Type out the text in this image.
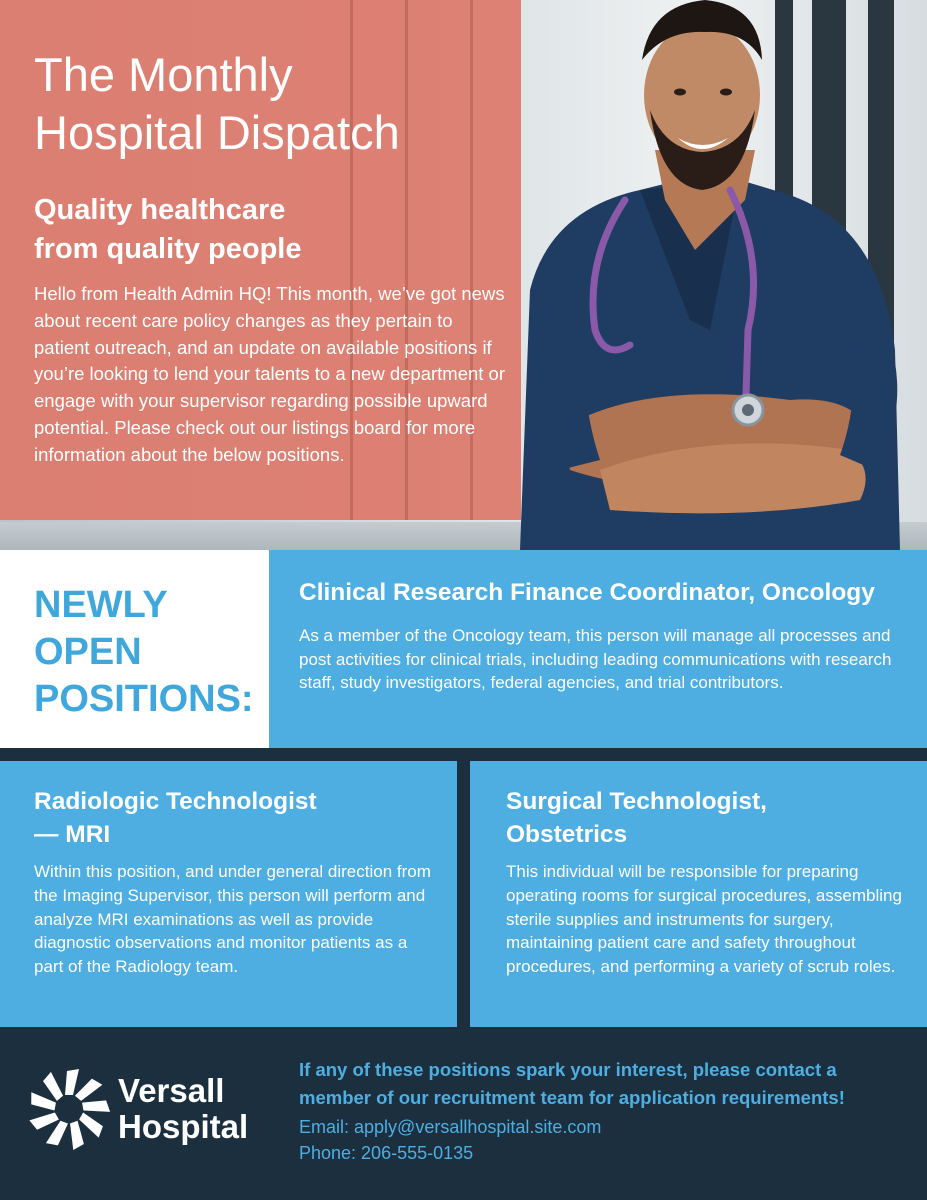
The Monthly
Hospital Dispatch
Quality healthcare
from quality people

Hello from Health Admin HQ! This month, we’ve got news about recent care policy changes as they pertain to patient outreach, and an update on available positions if you’re looking to lend your talents to a new department or engage with your supervisor regarding possible upward potential. Please check out our listings board for more information about the below positions.

NEWLY
OPEN
POSITIONS:
Clinical Research Finance Coordinator, Oncology

As a member of the Oncology team, this person will manage all processes and post activities for clinical trials, including leading communications with research staff, study investigators, federal agencies, and trial contributors.

Radiologic Technologist
— MRI

Within this position, and under general direction from the Imaging Supervisor, this person will perform and analyze MRI examinations as well as provide diagnostic observations and monitor patients as a part of the Radiology team.

Surgical Technologist,
Obstetrics

This individual will be responsible for preparing operating rooms for surgical procedures, assembling sterile supplies and instruments for surgery, maintaining patient care and safety throughout procedures, and performing a variety of scrub roles.

Versall
Hospital

If any of these positions spark your interest, please contact a member of our recruitment team for application requirements!

Email: apply@versallhospital.site.com
Phone: 206-555-0135
